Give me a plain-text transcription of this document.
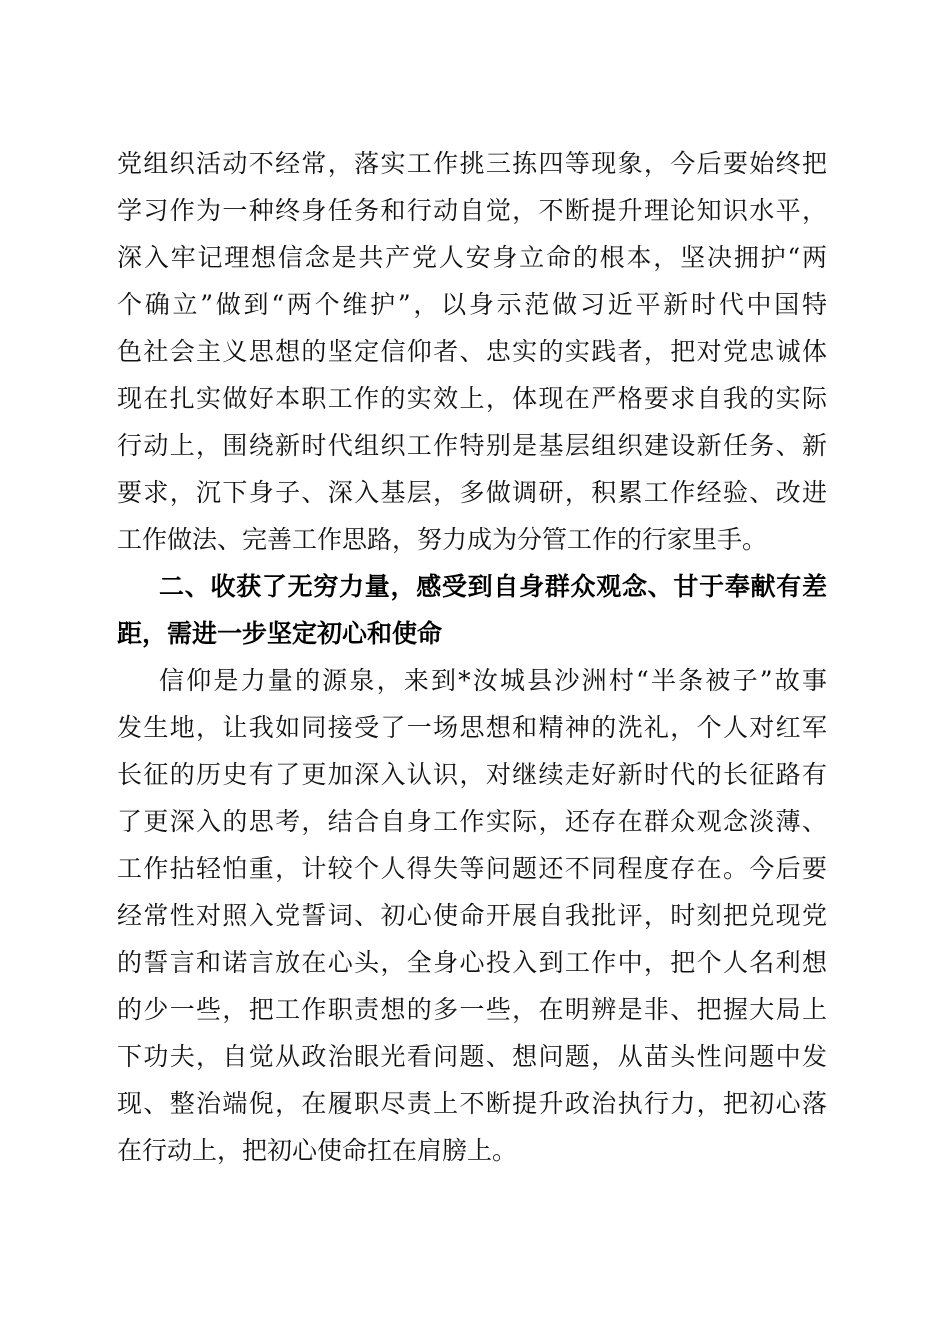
党组织活动不经常，落实工作挑三拣四等现象，今后要始终把
学习作为一种终身任务和行动自觉，不断提升理论知识水平，
深入牢记理想信念是共产党人安身立命的根本，坚决拥护“两
个确立”做到“两个维护”，以身示范做习近平新时代中国特
色社会主义思想的坚定信仰者、忠实的实践者，把对党忠诚体
现在扎实做好本职工作的实效上，体现在严格要求自我的实际
行动上，围绕新时代组织工作特别是基层组织建设新任务、新
要求，沉下身子、深入基层，多做调研，积累工作经验、改进
工作做法、完善工作思路，努力成为分管工作的行家里手。
二、收获了无穷力量，感受到自身群众观念、甘于奉献有差
距，需进一步坚定初心和使命
信仰是力量的源泉，来到*汝城县沙洲村“半条被子”故事
发生地，让我如同接受了一场思想和精神的洗礼，个人对红军
长征的历史有了更加深入认识，对继续走好新时代的长征路有
了更深入的思考，结合自身工作实际，还存在群众观念淡薄、
工作拈轻怕重，计较个人得失等问题还不同程度存在。今后要
经常性对照入党誓词、初心使命开展自我批评，时刻把兑现党
的誓言和诺言放在心头，全身心投入到工作中，把个人名利想
的少一些，把工作职责想的多一些，在明辨是非、把握大局上
下功夫，自觉从政治眼光看问题、想问题，从苗头性问题中发
现、整治端倪，在履职尽责上不断提升政治执行力，把初心落
在行动上，把初心使命扛在肩膀上。
